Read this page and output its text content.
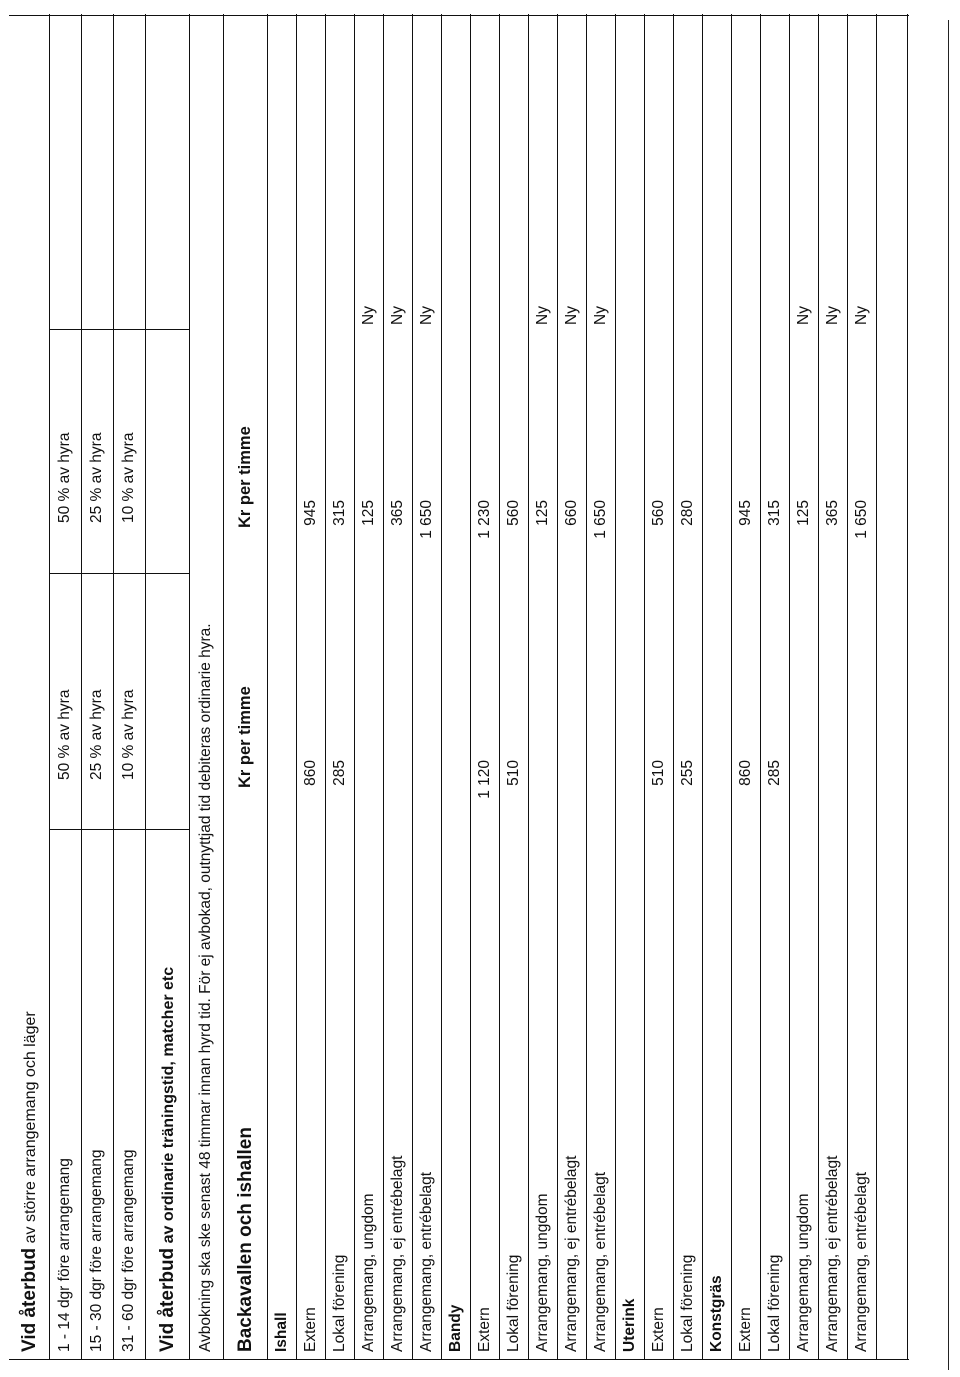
Vid återbud av större arrangemang och läger
1 - 14 dgr före arrangemang
50 % av hyra
50 % av hyra
15 - 30 dgr före arrangemang
25 % av hyra
25 % av hyra
31 - 60 dgr före arrangemang
10 % av hyra
10 % av hyra
Vid återbud av ordinarie träningstid, matcher etc Avbokning ska ske senast 48 timmar innan hyrd tid. För ej avbokad, outnyttjad tid debiteras ordinarie hyra. Backavallen och ishallen
Kr per timme
Kr per timme
Ishall Extern
860
945
Lokal förening
285
315
Arrangemang, ungdom
125
Ny
Arrangemang, ej entrébelagt
365
Ny
Arrangemang, entrébelagt
1 650
Ny
Bandy Extern
1 120
1 230
Lokal förening
510
560
Arrangemang, ungdom
125
Ny
Arrangemang, ej entrébelagt
660
Ny
Arrangemang, entrébelagt
1 650
Ny
Uterink Extern
510
560
Lokal förening
255
280
Konstgräs Extern
860
945
Lokal förening
285
315
Arrangemang, ungdom
125
Ny
Arrangemang, ej entrébelagt
365
Ny
Arrangemang, entrébelagt
1 650
Ny
